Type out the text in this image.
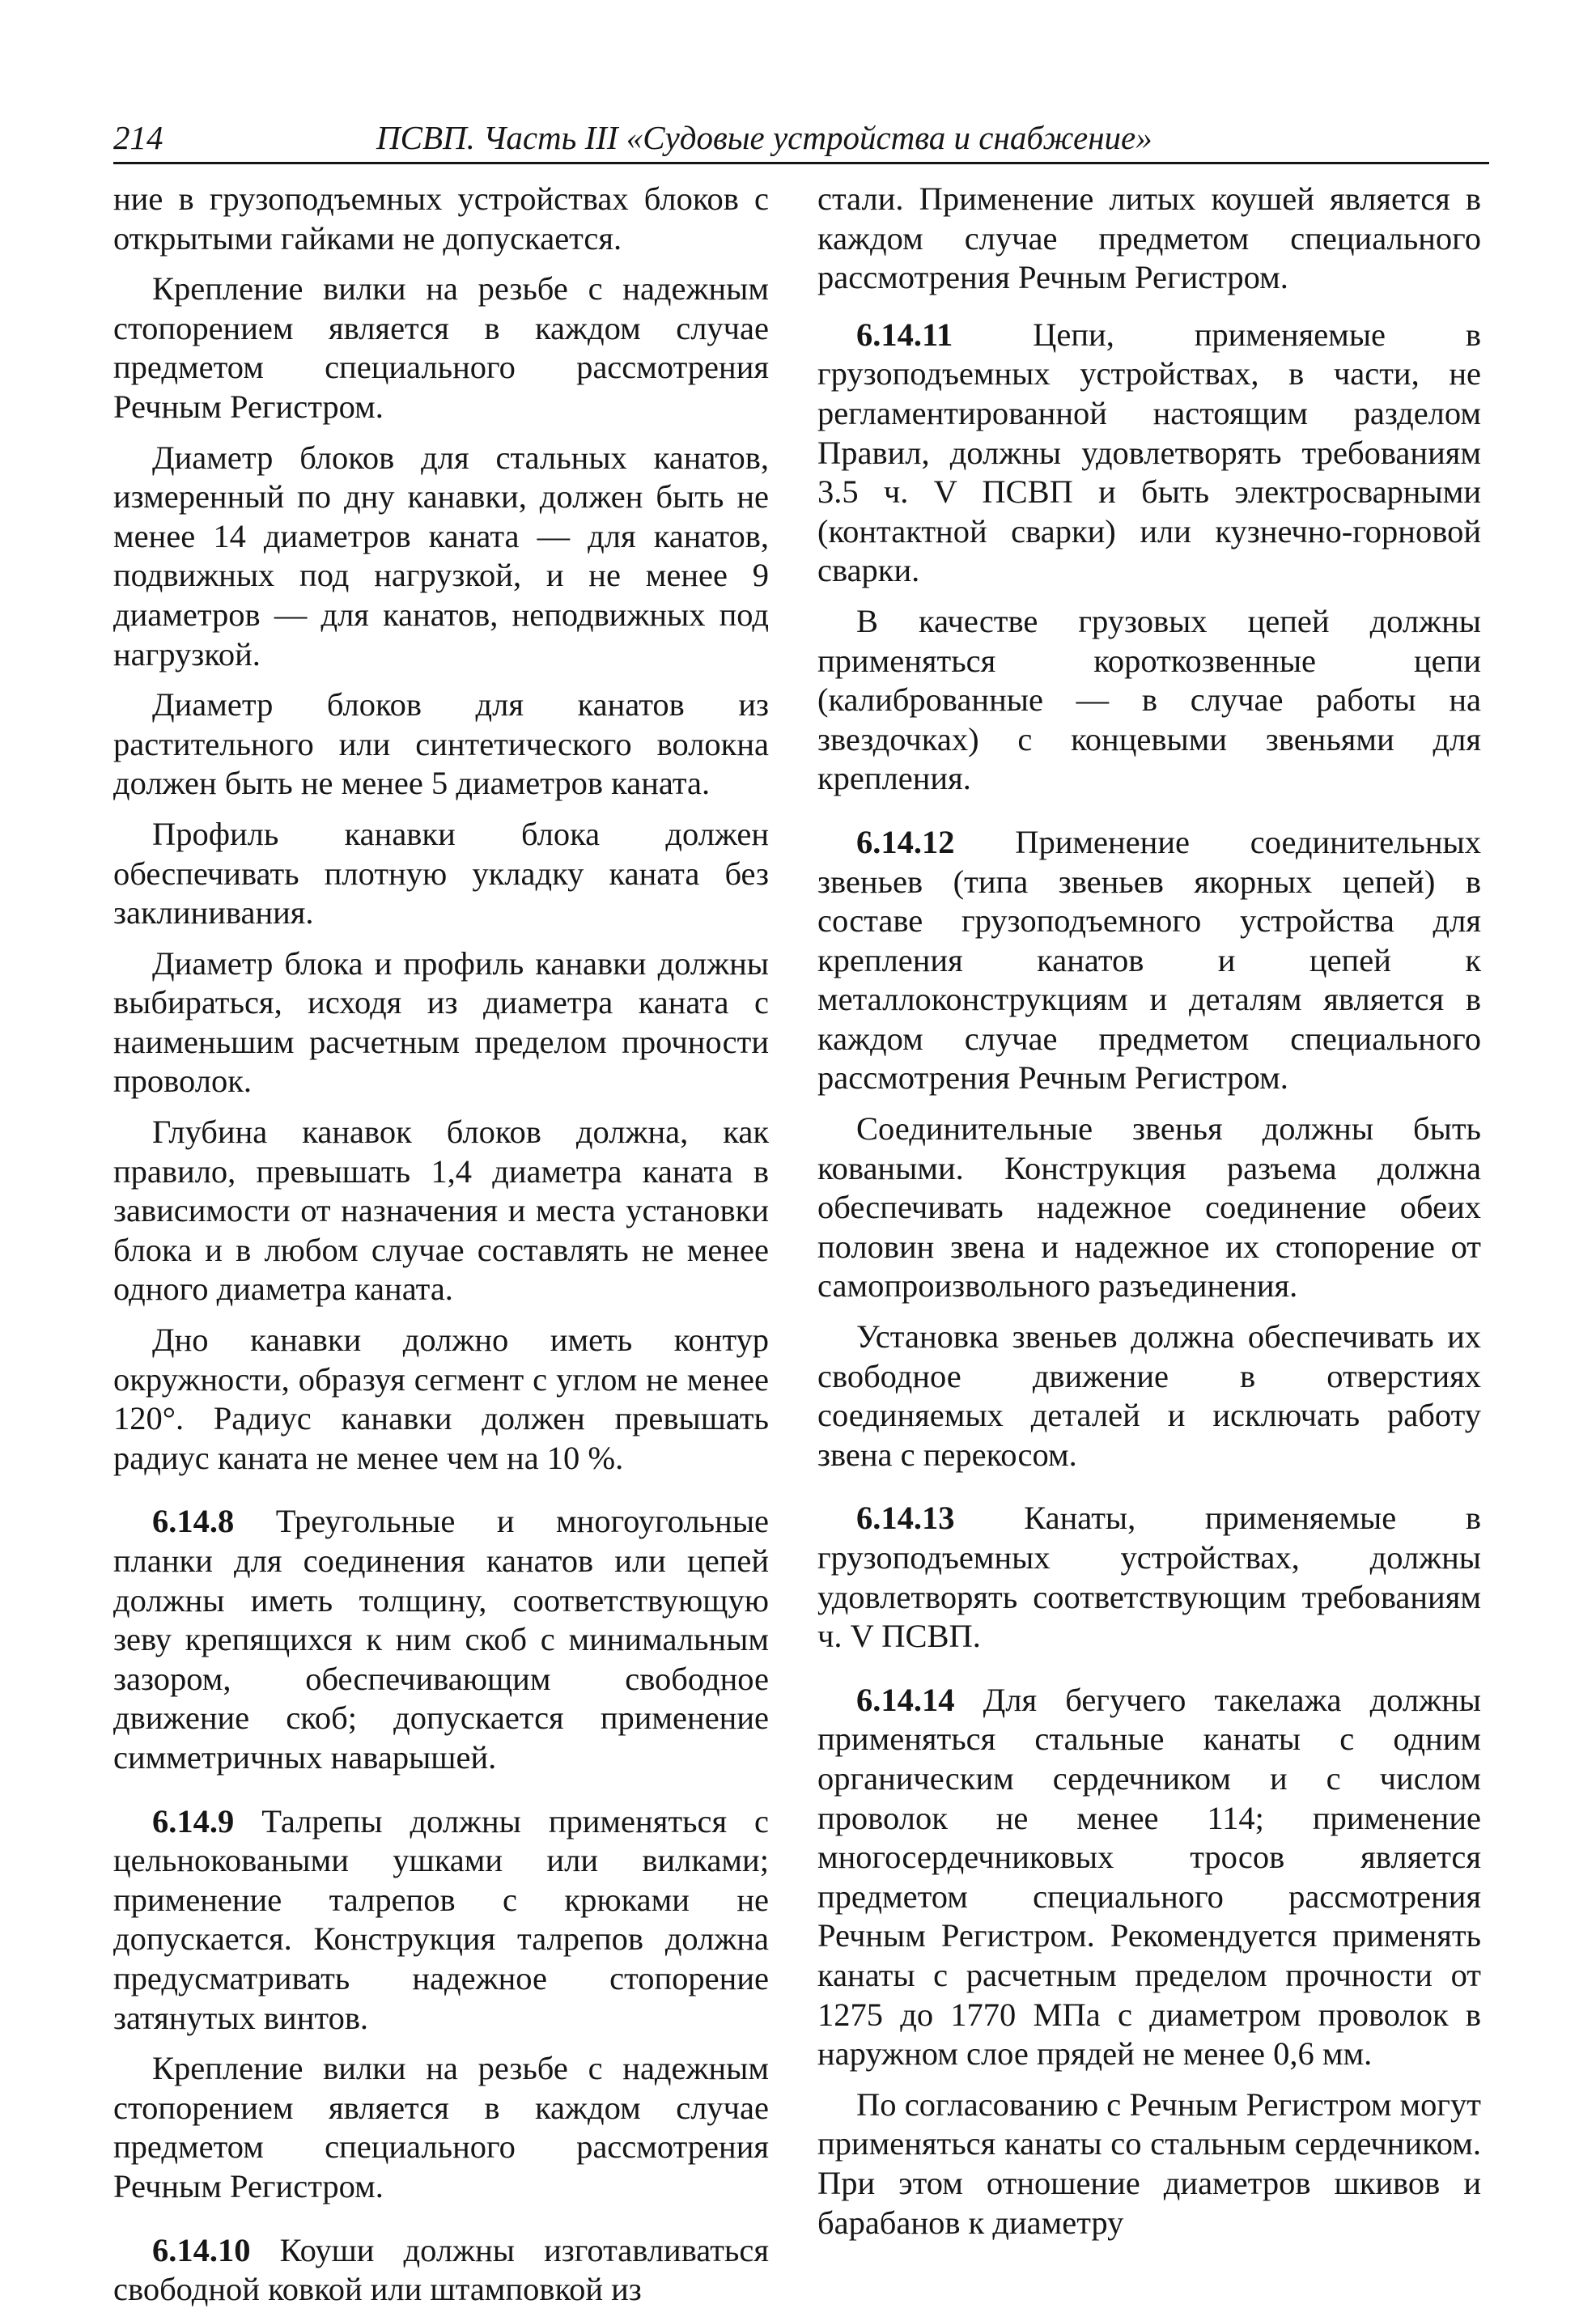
214	ПСВП. Часть III «Судовые устройства и снабжение»

ние в грузоподъемных устройствах блоков с открытыми гайками не допускается.

Крепление вилки на резьбе с надежным стопорением является в каждом случае предметом специального рассмотрения Речным Регистром.

Диаметр блоков для стальных канатов, измеренный по дну канавки, должен быть не менее 14 диаметров каната — для канатов, подвижных под нагрузкой, и не менее 9 диаметров — для канатов, неподвижных под нагрузкой.

Диаметр блоков для канатов из растительного или синтетического волокна должен быть не менее 5 диаметров каната.

Профиль канавки блока должен обеспечивать плотную укладку каната без заклинивания.

Диаметр блока и профиль канавки должны выбираться, исходя из диаметра каната с наименьшим расчетным пределом прочности проволок.

Глубина канавок блоков должна, как правило, превышать 1,4 диаметра каната в зависимости от назначения и места установки блока и в любом случае составлять не менее одного диаметра каната.

Дно канавки должно иметь контур окружности, образуя сегмент с углом не менее 120°. Радиус канавки должен превышать радиус каната не менее чем на 10 %.

6.14.8 Треугольные и многоугольные планки для соединения канатов или цепей должны иметь толщину, соответствующую зеву крепящихся к ним скоб с минимальным зазором, обеспечивающим свободное движение скоб; допускается применение симметричных наварышей.

6.14.9 Талрепы должны применяться с цельноковаными ушками или вилками; применение талрепов с крюками не допускается. Конструкция талрепов должна предусматривать надежное стопорение затянутых винтов.

Крепление вилки на резьбе с надежным стопорением является в каждом случае предметом специального рассмотрения Речным Регистром.

6.14.10 Коуши должны изготавливаться свободной ковкой или штамповкой из

стали. Применение литых коушей является в каждом случае предметом специального рассмотрения Речным Регистром.

6.14.11 Цепи, применяемые в грузоподъемных устройствах, в части, не регламентированной настоящим разделом Правил, должны удовлетворять требованиям 3.5 ч. V ПСВП и быть электросварными (контактной сварки) или кузнечно-горновой сварки.

В качестве грузовых цепей должны применяться короткозвенные цепи (калиброванные — в случае работы на звездочках) с концевыми звеньями для крепления.

6.14.12 Применение соединительных звеньев (типа звеньев якорных цепей) в составе грузоподъемного устройства для крепления канатов и цепей к металлоконструкциям и деталям является в каждом случае предметом специального рассмотрения Речным Регистром.

Соединительные звенья должны быть коваными. Конструкция разъема должна обеспечивать надежное соединение обеих половин звена и надежное их стопорение от самопроизвольного разъединения.

Установка звеньев должна обеспечивать их свободное движение в отверстиях соединяемых деталей и исключать работу звена с перекосом.

6.14.13 Канаты, применяемые в грузоподъемных устройствах, должны удовлетворять соответствующим требованиям ч. V ПСВП.

6.14.14 Для бегучего такелажа должны применяться стальные канаты с одним органическим сердечником и с числом проволок не менее 114; применение многосердечниковых тросов является предметом специального рассмотрения Речным Регистром. Рекомендуется применять канаты с расчетным пределом прочности от 1275 до 1770 МПа с диаметром проволок в наружном слое прядей не менее 0,6 мм.

По согласованию с Речным Регистром могут применяться канаты со стальным сердечником. При этом отношение диаметров шкивов и барабанов к диаметру
